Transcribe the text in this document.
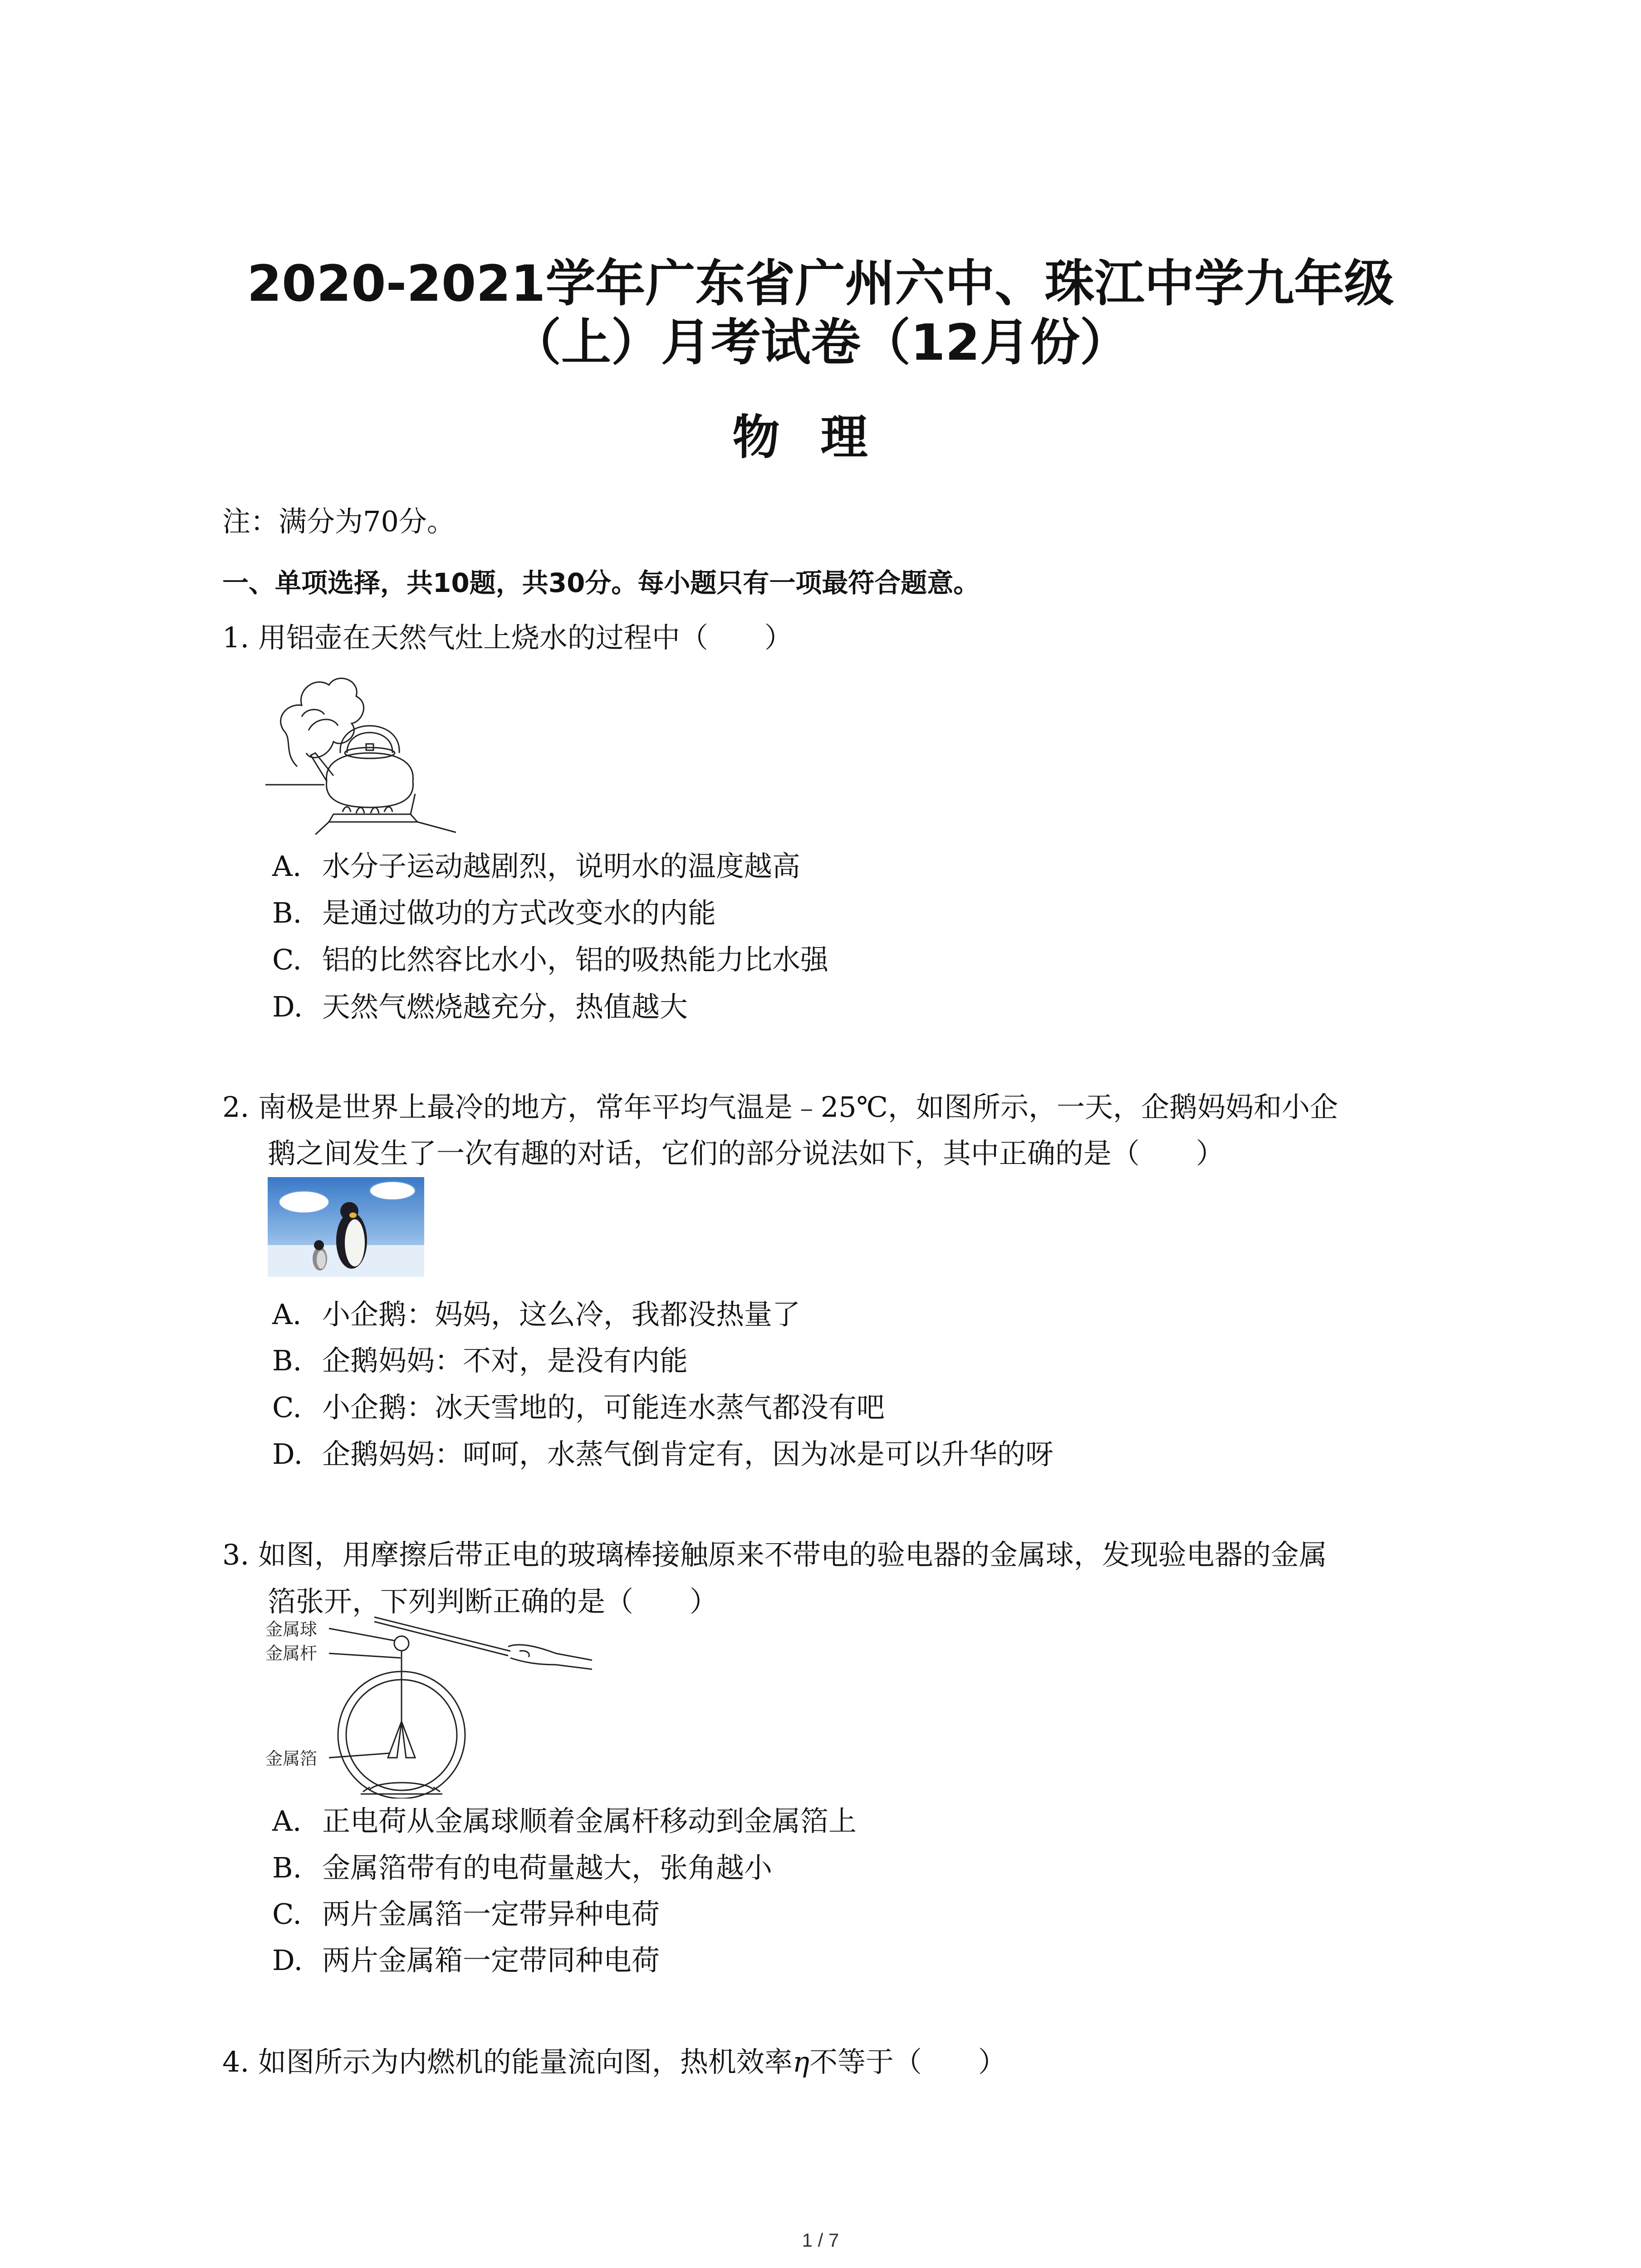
2020-2021学年广东省广州六中、珠江中学九年级
（上）月考试卷（12月份）
物理
注：满分为70分。
一、单项选择，共10题，共30分。每小题只有一项最符合题意。
1. 用铝壶在天然气灶上烧水的过程中（　　）
A. 水分子运动越剧烈，说明水的温度越高
B. 是通过做功的方式改变水的内能
C. 铝的比然容比水小，铝的吸热能力比水强
D. 天然气燃烧越充分，热值越大
2. 南极是世界上最冷的地方，常年平均气温是﹣25℃，如图所示，一天，企鹅妈妈和小企
鹅之间发生了一次有趣的对话，它们的部分说法如下，其中正确的是（　　）
A. 小企鹅：妈妈，这么冷，我都没热量了
B. 企鹅妈妈：不对，是没有内能
C. 小企鹅：冰天雪地的，可能连水蒸气都没有吧
D. 企鹅妈妈：呵呵，水蒸气倒肯定有，因为冰是可以升华的呀
3. 如图，用摩擦后带正电的玻璃棒接触原来不带电的验电器的金属球，发现验电器的金属
箔张开，下列判断正确的是（　　）
金属球
金属杆
金属箔
A. 正电荷从金属球顺着金属杆移动到金属箔上
B. 金属箔带有的电荷量越大，张角越小
C. 两片金属箔一定带异种电荷
D. 两片金属箱一定带同种电荷
4. 如图所示为内燃机的能量流向图，热机效率η不等于（　　）
1 / 7
